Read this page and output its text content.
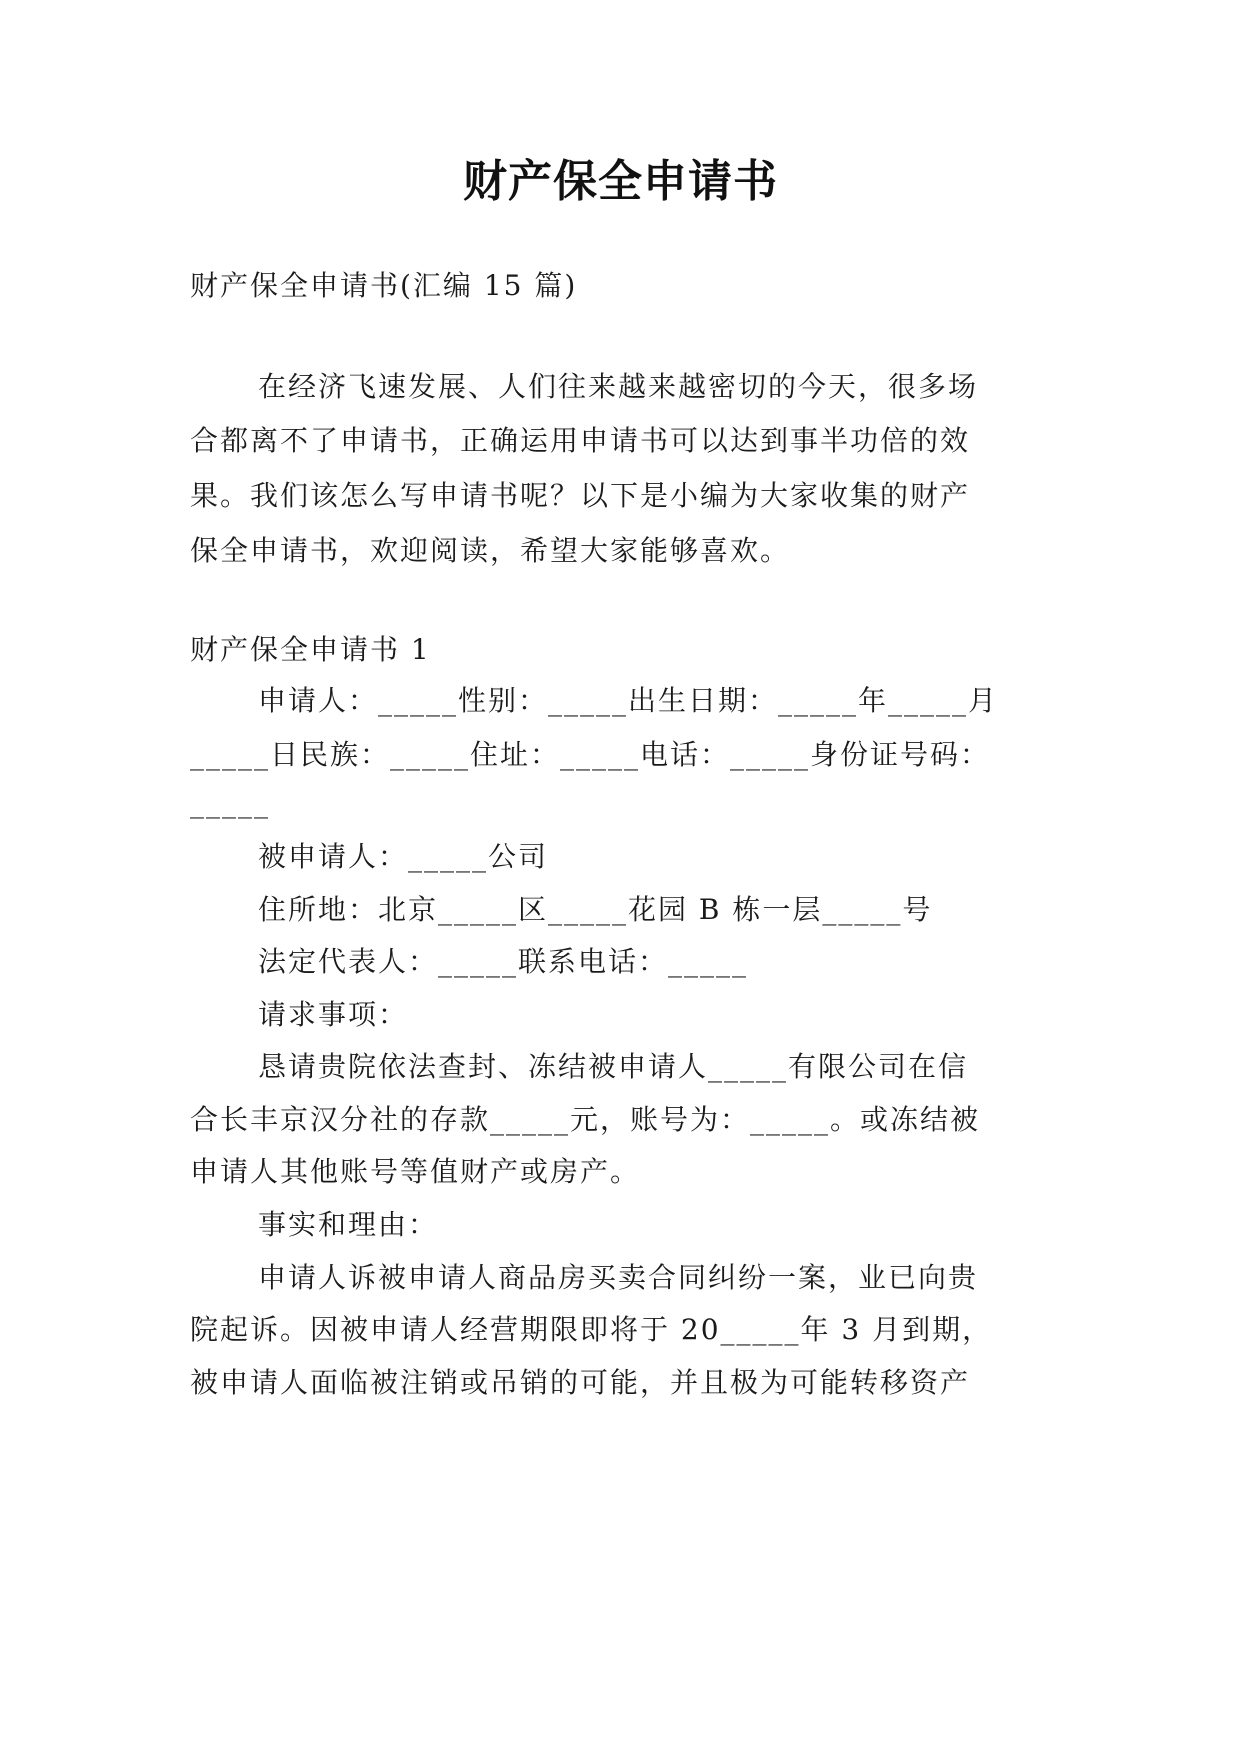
财产保全申请书
财产保全申请书(汇编 15 篇)
在经济飞速发展、人们往来越来越密切的今天，很多场
合都离不了申请书，正确运用申请书可以达到事半功倍的效
果。我们该怎么写申请书呢？以下是小编为大家收集的财产
保全申请书，欢迎阅读，希望大家能够喜欢。
财产保全申请书 1
申请人：_____性别：_____出生日期：_____年_____月
_____日民族：_____住址：_____电话：_____身份证号码：
_____
被申请人：_____公司
住所地：北京_____区_____花园 B 栋一层_____号
法定代表人：_____联系电话：_____
请求事项：
恳请贵院依法查封、冻结被申请人_____有限公司在信
合长丰京汉分社的存款_____元，账号为：_____。或冻结被
申请人其他账号等值财产或房产。
事实和理由：
申请人诉被申请人商品房买卖合同纠纷一案，业已向贵
院起诉。因被申请人经营期限即将于 20_____年 3 月到期，
被申请人面临被注销或吊销的可能，并且极为可能转移资产
